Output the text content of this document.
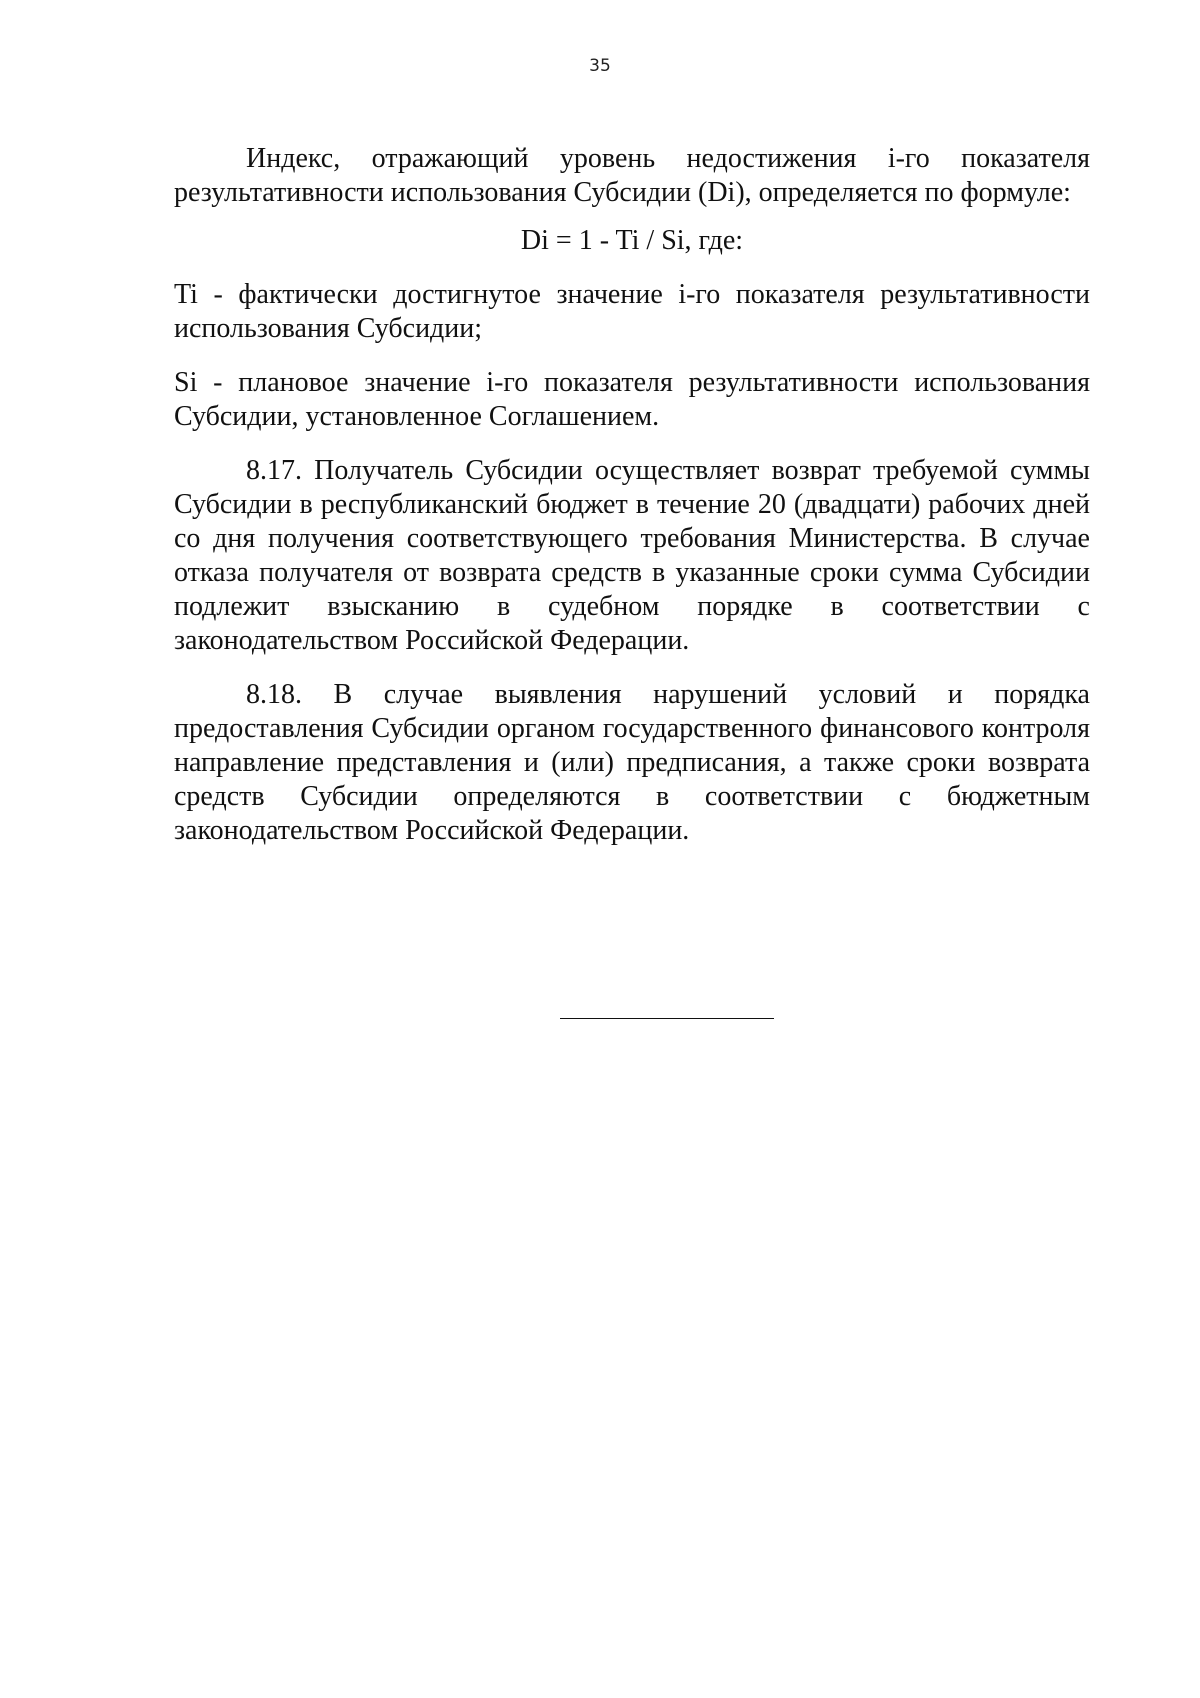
35

Индекс, отражающий уровень недостижения i-го показателя результативности использования Субсидии (Di), определяется по формуле:

Di = 1 - Ti / Si, где:

Ti - фактически достигнутое значение i-го показателя результативности использования Субсидии;

Si - плановое значение i-го показателя результативности использования Субсидии, установленное Соглашением.

8.17. Получатель Субсидии осуществляет возврат требуемой суммы Субсидии в республиканский бюджет в течение 20 (двадцати) рабочих дней со дня получения соответствующего требования Министерства. В случае отказа получателя от возврата средств в указанные сроки сумма Субсидии подлежит взысканию в судебном порядке в соответствии с законодательством Российской Федерации.

8.18. В случае выявления нарушений условий и порядка предоставления Субсидии органом государственного финансового контроля направление представления и (или) предписания, а также сроки возврата средств Субсидии определяются в соответствии с бюджетным законодательством Российской Федерации.
